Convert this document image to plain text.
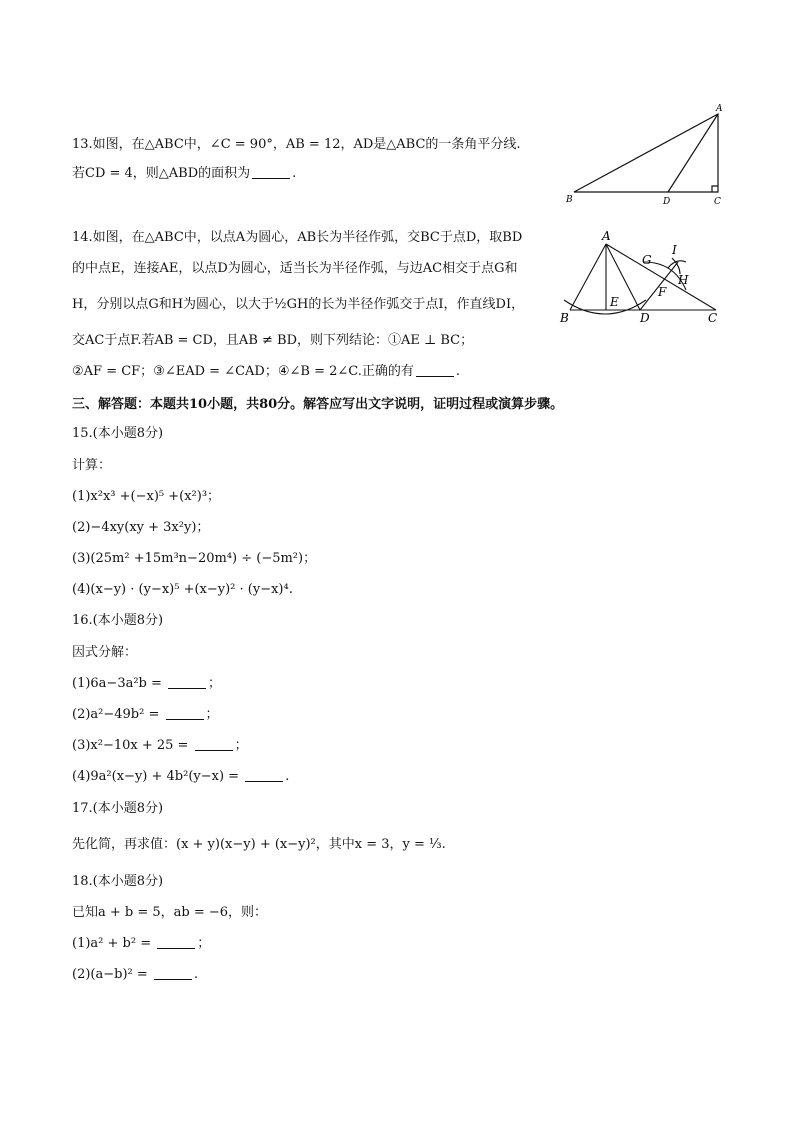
13.如图，在△ABC中，∠C = 90°，AB = 12，AD是△ABC的一条角平分线.
若CD = 4，则△ABD的面积为	.
A
B	C
D
14.如图，在△ABC中，以点A为圆心，AB长为半径作弧，交BC于点D，取BD
的中点E，连接AE，以点D为圆心，适当长为半径作弧，与边AC相交于点G和
H，分别以点G和H为圆心，以大于½GH的长为半径作弧交于点I，作直线DI，
交AC于点F.若AB = CD，且AB ≠ BD，则下列结论：①AE ⊥ BC；
②AF = CF；③∠EAD = ∠CAD；④∠B = 2∠C.正确的有	.
A
B	C
D
E
F
G
H
I
三、解答题：本题共10小题，共80分。解答应写出文字说明，证明过程或演算步骤。
15.(本小题8分)
计算：
(1)x²x³ +(−x)⁵ +(x²)³；
(2)−4xy(xy + 3x²y)；
(3)(25m² +15m³n−20m⁴) ÷ (−5m²)；
(4)(x−y) · (y−x)⁵ +(x−y)² · (y−x)⁴.
16.(本小题8分)
因式分解：
(1)6a−3a²b =	；
(2)a²−49b² =	；
(3)x²−10x + 25 =	；
(4)9a²(x−y) + 4b²(y−x) =	.
17.(本小题8分)
先化简，再求值：(x + y)(x−y) + (x−y)²，其中x = 3，y = ⅓.
18.(本小题8分)
已知a + b = 5，ab = −6，则：
(1)a² + b² =	；
(2)(a−b)² =	.
